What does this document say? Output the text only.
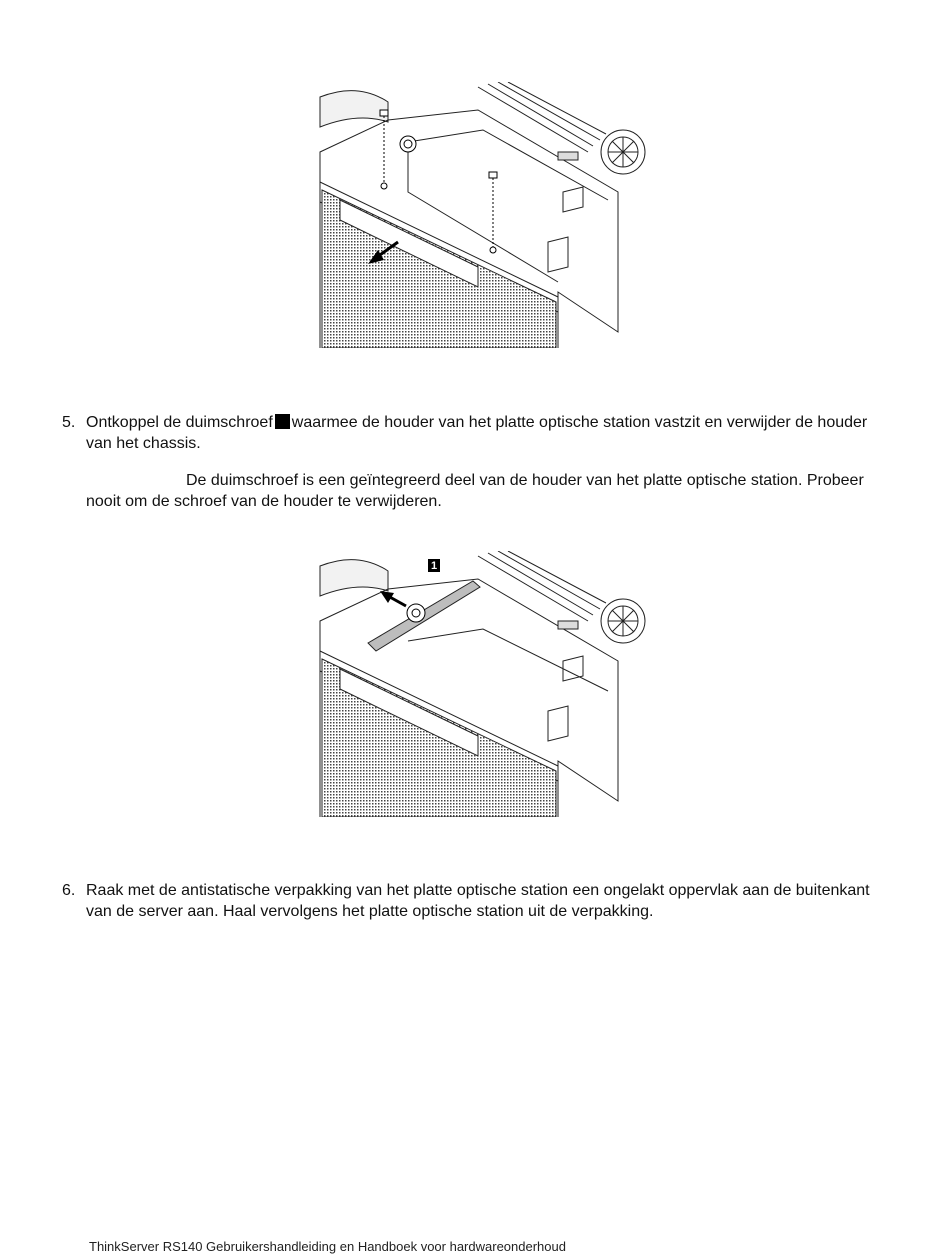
5. Ontkoppel de duimschroef waarmee de houder van het platte optische station vastzit en verwijder de houder van het chassis.
De duimschroef is een geïntegreerd deel van de houder van het platte optische station. Probeer nooit om de schroef van de houder te verwijderen.
1
6. Raak met de antistatische verpakking van het platte optische station een ongelakt oppervlak aan de buitenkant van de server aan. Haal vervolgens het platte optische station uit de verpakking.
ThinkServer RS140 Gebruikershandleiding en Handboek voor hardwareonderhoud
